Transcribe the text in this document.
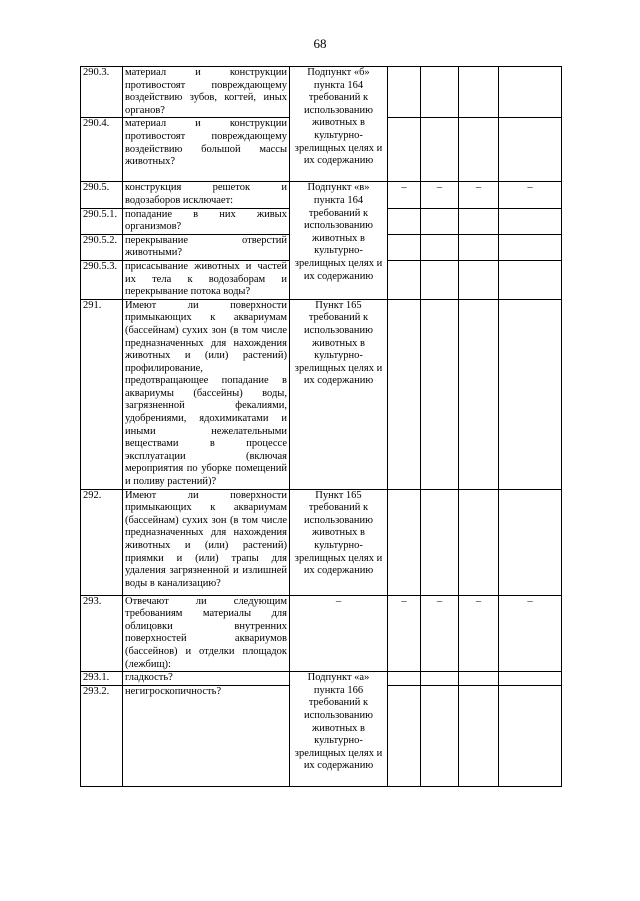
68
290.3.	материал и конструкции противостоят повреждающему воздействию зубов, когтей, иных органов?	Подпункт «б» пункта 164 требований к использованию животных в культурно-зрелищных целях и их содержанию				
290.4.	материал и конструкции противостоят повреждающему воздействию большой массы животных?					
290.5.	конструкция решеток и водозаборов исключает:	Подпункт «в» пункта 164 требований к использованию животных в культурно-зрелищных целях и их содержанию	–	–	–	–
290.5.1.	попадание в них живых организмов?					
290.5.2.	перекрывание отверстий животными?					
290.5.3.	присасывание животных и частей их тела к водозаборам и перекрывание потока воды?					
291.	Имеют ли поверхности примыкающих к аквариумам (бассейнам) сухих зон (в том числе предназначенных для нахождения животных и (или) растений) профилирование, предотвращающее попадание в аквариумы (бассейны) воды, загрязненной фекалиями, удобрениями, ядохимикатами и иными нежелательными веществами в процессе эксплуатации (включая мероприятия по уборке помещений и поливу растений)?	Пункт 165 требований к использованию животных в культурно-зрелищных целях и их содержанию				
292.	Имеют ли поверхности примыкающих к аквариумам (бассейнам) сухих зон (в том числе предназначенных для нахождения животных и (или) растений) приямки и (или) трапы для удаления загрязненной и излишней воды в канализацию?	Пункт 165 требований к использованию животных в культурно-зрелищных целях и их содержанию				
293.	Отвечают ли следующим требованиям материалы для облицовки внутренних поверхностей аквариумов (бассейнов) и отделки площадок (лежбищ):	–	–	–	–	–
293.1.	гладкость?	Подпункт «а» пункта 166 требований к использованию животных в культурно-зрелищных целях и их содержанию				
293.2.	негигроскопичность?					
